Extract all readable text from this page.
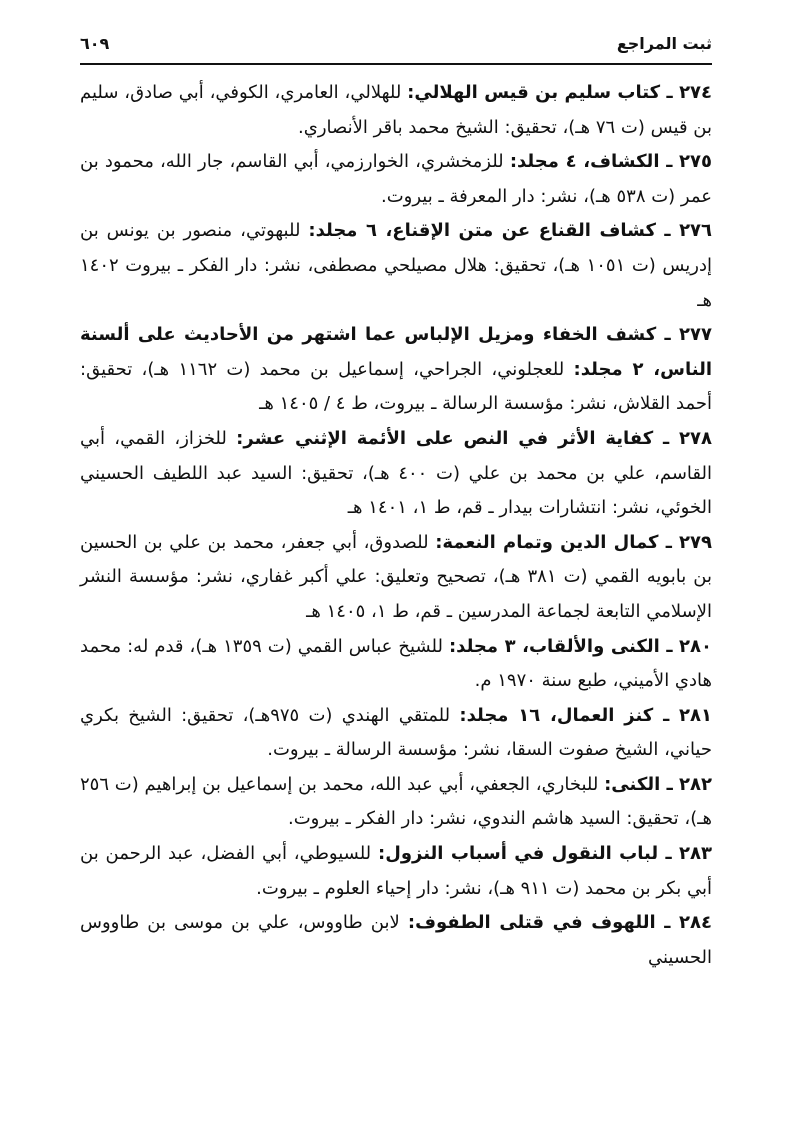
ثبت المراجع
٦٠٩

٢٧٤ ـ كتاب سليم بن قيس الهلالي: للهلالي، العامري، الكوفي، أبي صادق، سليم بن قيس (ت ٧٦ هـ)، تحقيق: الشيخ محمد باقر الأنصاري.

٢٧٥ ـ الكشاف، ٤ مجلد: للزمخشري، الخوارزمي، أبي القاسم، جار الله، محمود بن عمر (ت ٥٣٨ هـ)، نشر: دار المعرفة ـ بيروت.

٢٧٦ ـ كشاف القناع عن متن الإقناع، ٦ مجلد: للبهوتي، منصور بن يونس بن إدريس (ت ١٠٥١ هـ)، تحقيق: هلال مصيلحي مصطفى، نشر: دار الفكر ـ بيروت ١٤٠٢ هـ

٢٧٧ ـ كشف الخفاء ومزيل الإلباس عما اشتهر من الأحاديث على ألسنة الناس، ٢ مجلد: للعجلوني، الجراحي، إسماعيل بن محمد (ت ١١٦٢ هـ)، تحقيق: أحمد القلاش، نشر: مؤسسة الرسالة ـ بيروت، ط ٤ / ١٤٠٥ هـ

٢٧٨ ـ كفاية الأثر في النص على الأئمة الإثني عشر: للخزاز، القمي، أبي القاسم، علي بن محمد بن علي (ت ٤٠٠ هـ)، تحقيق: السيد عبد اللطيف الحسيني الخوئي، نشر: انتشارات بيدار ـ قم، ط ١، ١٤٠١ هـ

٢٧٩ ـ كمال الدين وتمام النعمة: للصدوق، أبي جعفر، محمد بن علي بن الحسين بن بابويه القمي (ت ٣٨١ هـ)، تصحيح وتعليق: علي أكبر غفاري، نشر: مؤسسة النشر الإسلامي التابعة لجماعة المدرسين ـ قم، ط ١، ١٤٠٥ هـ

٢٨٠ ـ الكنى والألقاب، ٣ مجلد: للشيخ عباس القمي (ت ١٣٥٩ هـ)، قدم له: محمد هادي الأميني، طبع سنة ١٩٧٠ م.

٢٨١ ـ كنز العمال، ١٦ مجلد: للمتقي الهندي (ت ٩٧٥هـ)، تحقيق: الشيخ بكري حياني، الشيخ صفوت السقا، نشر: مؤسسة الرسالة ـ بيروت.

٢٨٢ ـ الكنى: للبخاري، الجعفي، أبي عبد الله، محمد بن إسماعيل بن إبراهيم (ت ٢٥٦ هـ)، تحقيق: السيد هاشم الندوي، نشر: دار الفكر ـ بيروت.

٢٨٣ ـ لباب النقول في أسباب النزول: للسيوطي، أبي الفضل، عبد الرحمن بن أبي بكر بن محمد (ت ٩١١ هـ)، نشر: دار إحياء العلوم ـ بيروت.

٢٨٤ ـ اللهوف في قتلى الطفوف: لابن طاووس، علي بن موسى بن طاووس الحسيني
